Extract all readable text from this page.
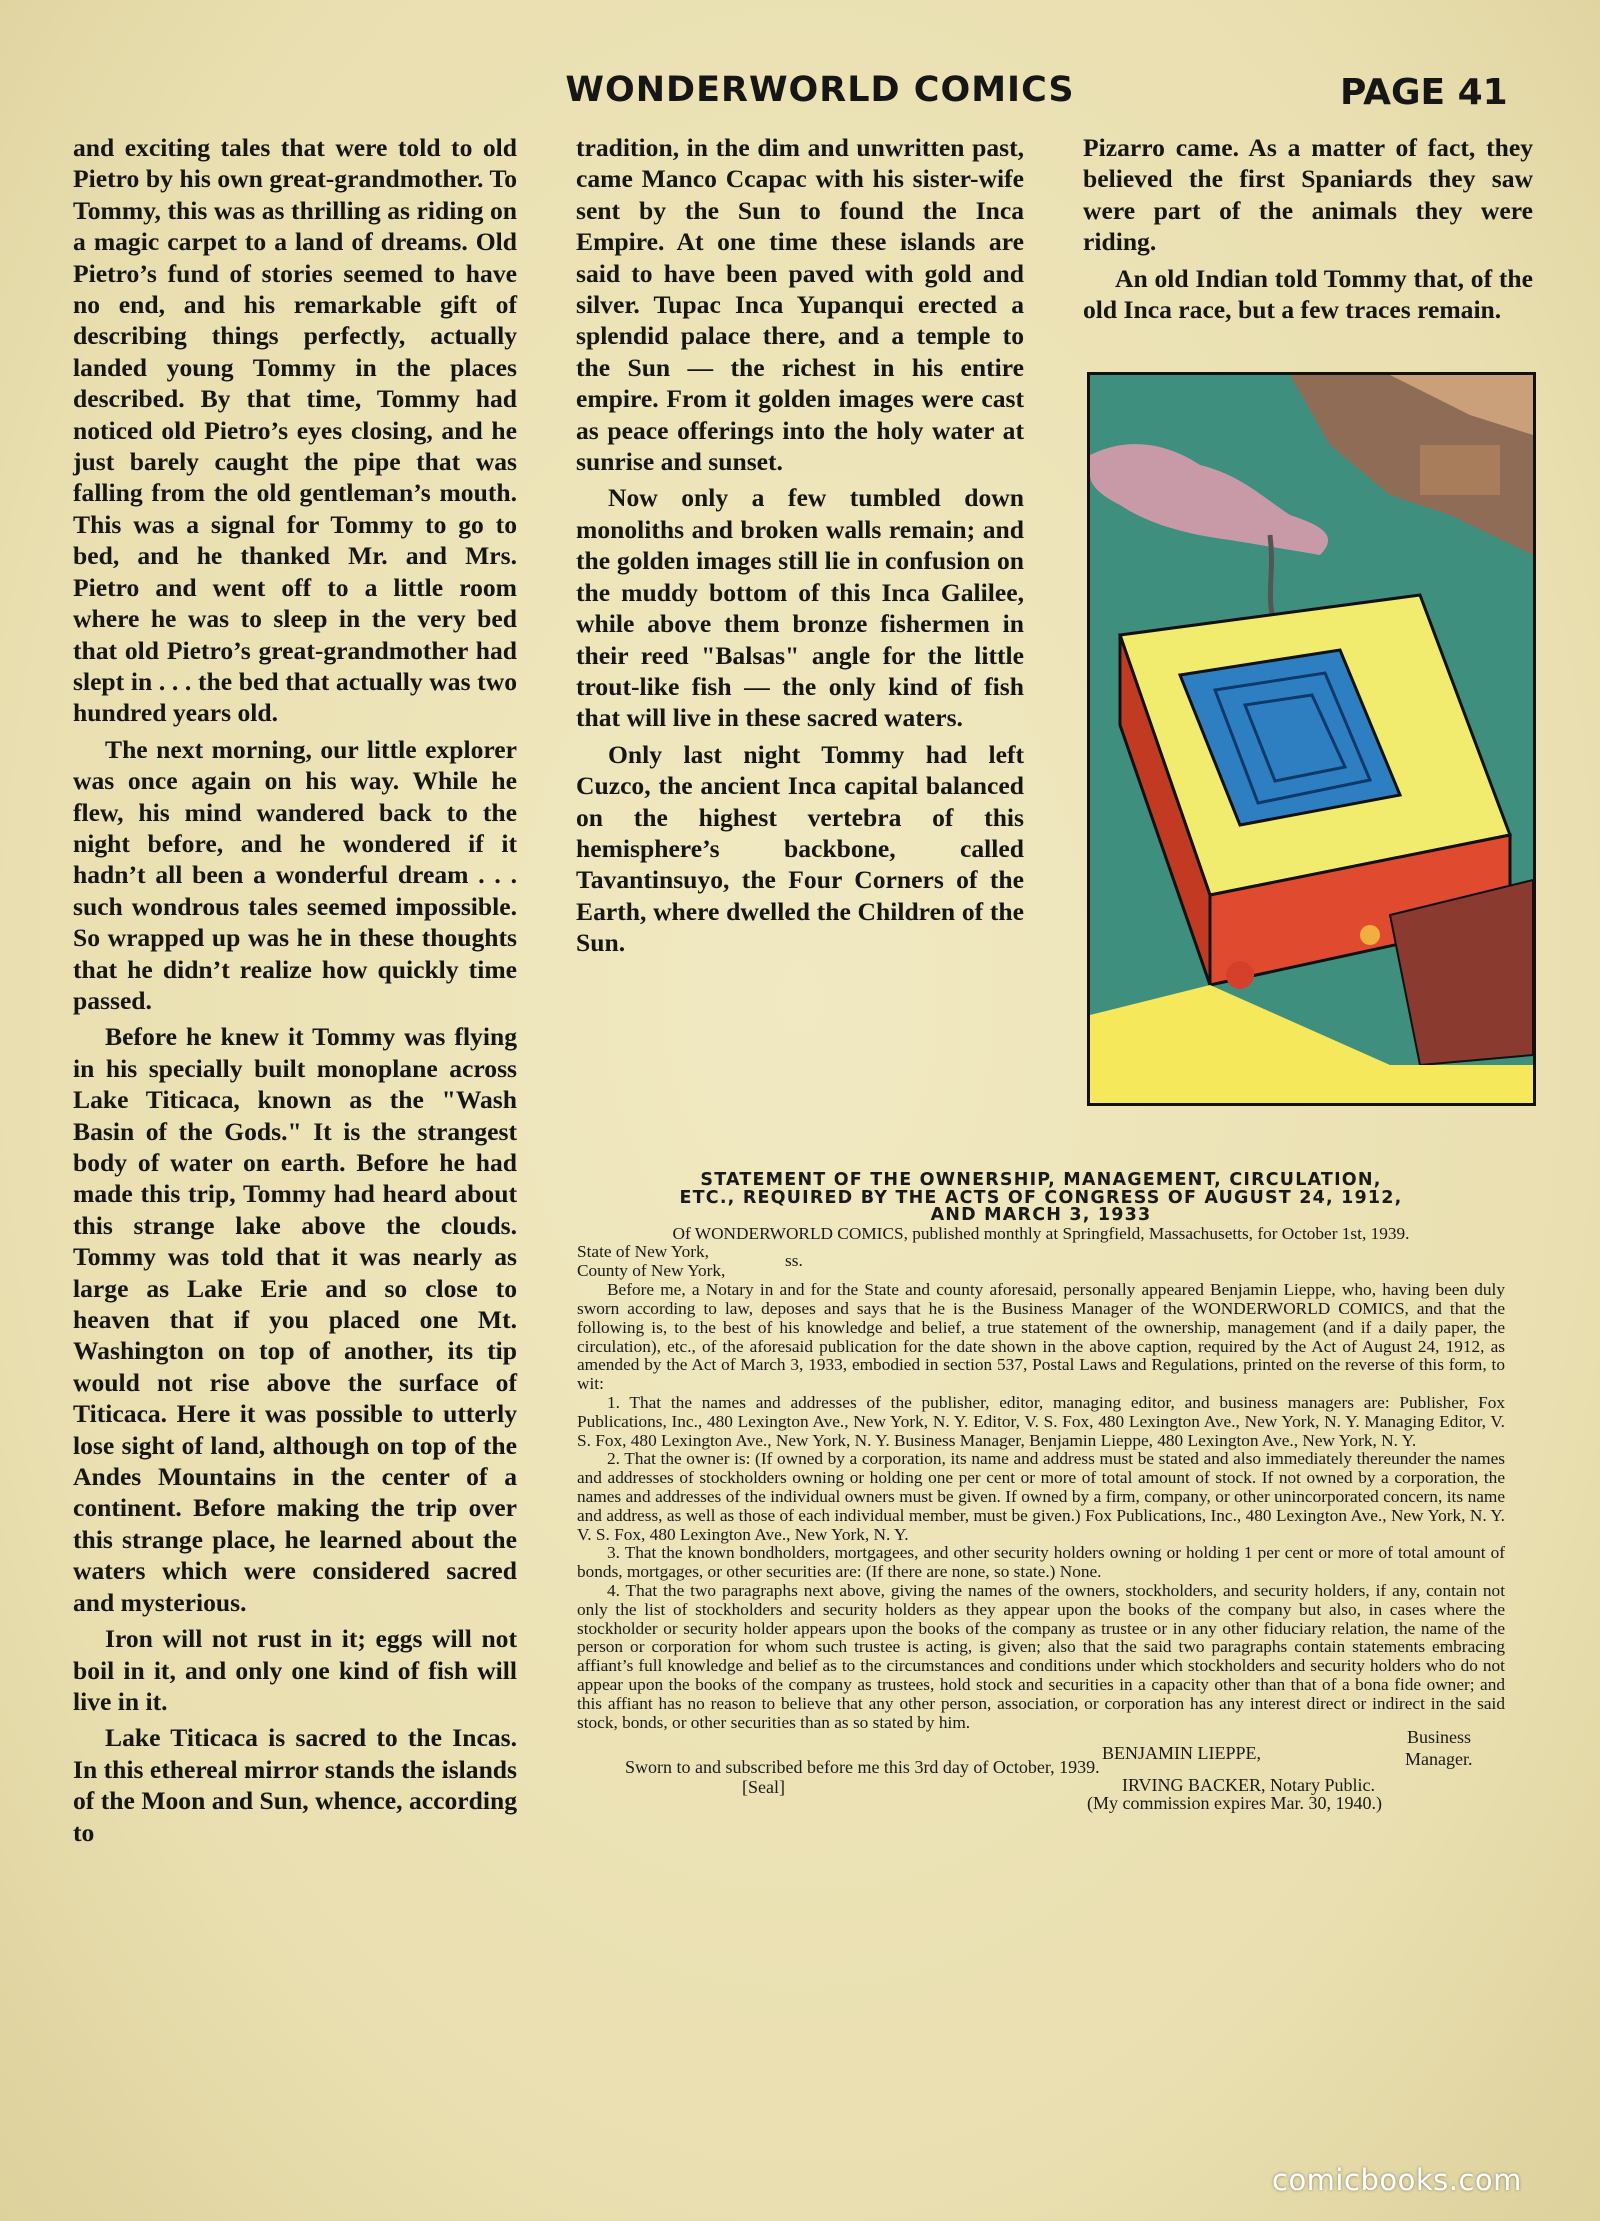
WONDERWORLD COMICS	PAGE 41

and exciting tales that were told to old Pietro by his own great-grandmother. To Tommy, this was as thrilling as riding on a magic carpet to a land of dreams. Old Pietro’s fund of stories seemed to have no end, and his remarkable gift of describing things perfectly, actually landed young Tommy in the places described. By that time, Tommy had noticed old Pietro’s eyes closing, and he just barely caught the pipe that was falling from the old gentleman’s mouth. This was a signal for Tommy to go to bed, and he thanked Mr. and Mrs. Pietro and went off to a little room where he was to sleep in the very bed that old Pietro’s great-grandmother had slept in . . . the bed that actually was two hundred years old.

The next morning, our little explorer was once again on his way. While he flew, his mind wandered back to the night before, and he wondered if it hadn’t all been a wonderful dream . . . such wondrous tales seemed impossible. So wrapped up was he in these thoughts that he didn’t realize how quickly time passed.

Before he knew it Tommy was flying in his specially built monoplane across Lake Titicaca, known as the "Wash Basin of the Gods." It is the strangest body of water on earth. Before he had made this trip, Tommy had heard about this strange lake above the clouds. Tommy was told that it was nearly as large as Lake Erie and so close to heaven that if you placed one Mt. Washington on top of another, its tip would not rise above the surface of Titicaca. Here it was possible to utterly lose sight of land, although on top of the Andes Mountains in the center of a continent. Before making the trip over this strange place, he learned about the waters which were considered sacred and mysterious.

Iron will not rust in it; eggs will not boil in it, and only one kind of fish will live in it.

Lake Titicaca is sacred to the Incas. In this ethereal mirror stands the islands of the Moon and Sun, whence, according to

tradition, in the dim and unwritten past, came Manco Ccapac with his sister-wife sent by the Sun to found the Inca Empire. At one time these islands are said to have been paved with gold and silver. Tupac Inca Yupanqui erected a splendid palace there, and a temple to the Sun — the richest in his entire empire. From it golden images were cast as peace offerings into the holy water at sunrise and sunset.

Now only a few tumbled down monoliths and broken walls remain; and the golden images still lie in confusion on the muddy bottom of this Inca Galilee, while above them bronze fishermen in their reed "Balsas" angle for the little trout-like fish — the only kind of fish that will live in these sacred waters.

Only last night Tommy had left Cuzco, the ancient Inca capital balanced on the highest vertebra of this hemisphere’s backbone, called Tavantinsuyo, the Four Corners of the Earth, where dwelled the Children of the Sun.

Pizarro came. As a matter of fact, they believed the first Spaniards they saw were part of the animals they were riding.

An old Indian told Tommy that, of the old Inca race, but a few traces remain.

STATEMENT OF THE OWNERSHIP, MANAGEMENT, CIRCULATION,
ETC., REQUIRED BY THE ACTS OF CONGRESS OF AUGUST 24, 1912,
AND MARCH 3, 1933

Of WONDERWORLD COMICS, published monthly at Springfield, Massachusetts, for October 1st, 1939.

State of New York,
County of New York,
ss.

Before me, a Notary in and for the State and county aforesaid, personally appeared Benjamin Lieppe, who, having been duly sworn according to law, deposes and says that he is the Business Manager of the WONDERWORLD COMICS, and that the following is, to the best of his knowledge and belief, a true statement of the ownership, management (and if a daily paper, the circulation), etc., of the aforesaid publication for the date shown in the above caption, required by the Act of August 24, 1912, as amended by the Act of March 3, 1933, embodied in section 537, Postal Laws and Regulations, printed on the reverse of this form, to wit:

1. That the names and addresses of the publisher, editor, managing editor, and business managers are: Publisher, Fox Publications, Inc., 480 Lexington Ave., New York, N. Y. Editor, V. S. Fox, 480 Lexington Ave., New York, N. Y. Managing Editor, V. S. Fox, 480 Lexington Ave., New York, N. Y. Business Manager, Benjamin Lieppe, 480 Lexington Ave., New York, N. Y.

2. That the owner is: (If owned by a corporation, its name and address must be stated and also immediately thereunder the names and addresses of stockholders owning or holding one per cent or more of total amount of stock. If not owned by a corporation, the names and addresses of the individual owners must be given. If owned by a firm, company, or other unincorporated concern, its name and address, as well as those of each individual member, must be given.) Fox Publications, Inc., 480 Lexington Ave., New York, N. Y. V. S. Fox, 480 Lexington Ave., New York, N. Y.

3. That the known bondholders, mortgagees, and other security holders owning or holding 1 per cent or more of total amount of bonds, mortgages, or other securities are: (If there are none, so state.) None.

4. That the two paragraphs next above, giving the names of the owners, stockholders, and security holders, if any, contain not only the list of stockholders and security holders as they appear upon the books of the company but also, in cases where the stockholder or security holder appears upon the books of the company as trustee or in any other fiduciary relation, the name of the person or corporation for whom such trustee is acting, is given; also that the said two paragraphs contain statements embracing affiant’s full knowledge and belief as to the circumstances and conditions under which stockholders and security holders who do not appear upon the books of the company as trustees, hold stock and securities in a capacity other than that of a bona fide owner; and this affiant has no reason to believe that any other person, association, or corporation has any interest direct or indirect in the said stock, bonds, or other securities than as so stated by him.

Business
BENJAMIN LIEPPE,	Manager.
Sworn to and subscribed before me this 3rd day of October, 1939.
[Seal]	IRVING BACKER, Notary Public.
(My commission expires Mar. 30, 1940.)
comicbooks.com
